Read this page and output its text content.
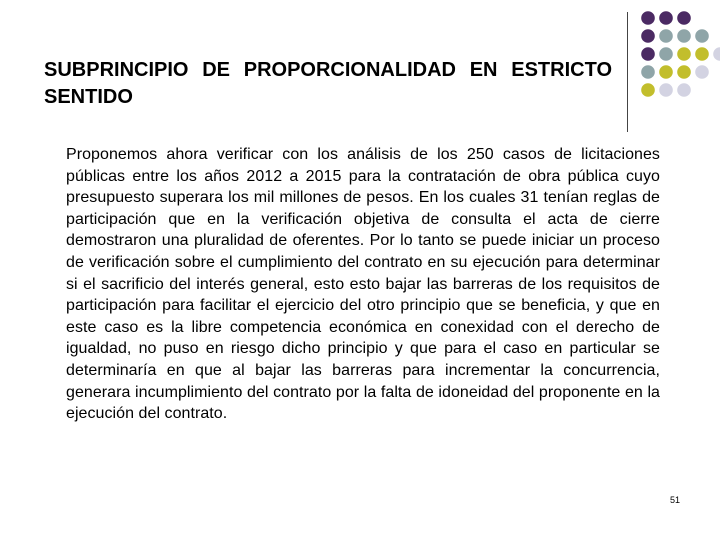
SUBPRINCIPIO DE PROPORCIONALIDAD EN ESTRICTO SENTIDO

Proponemos ahora verificar con los análisis de los 250 casos de licitaciones públicas entre los años 2012 a 2015 para la contratación de obra pública cuyo presupuesto superara los mil millones de pesos. En los cuales 31 tenían reglas de participación que en la verificación objetiva de consulta el acta de cierre demostraron una pluralidad de oferentes. Por lo tanto se puede iniciar un proceso de verificación sobre el cumplimiento del contrato en su ejecución para determinar si el sacrificio del interés general, esto esto bajar las barreras de los requisitos de participación para facilitar el ejercicio del otro principio que se beneficia, y que en este caso es la libre competencia económica en conexidad con el derecho de igualdad, no puso en riesgo dicho principio y que para el caso en particular se determinaría en que al bajar las barreras para incrementar la concurrencia, generara incumplimiento del contrato por la falta de idoneidad del proponente en la ejecución del contrato.

51
